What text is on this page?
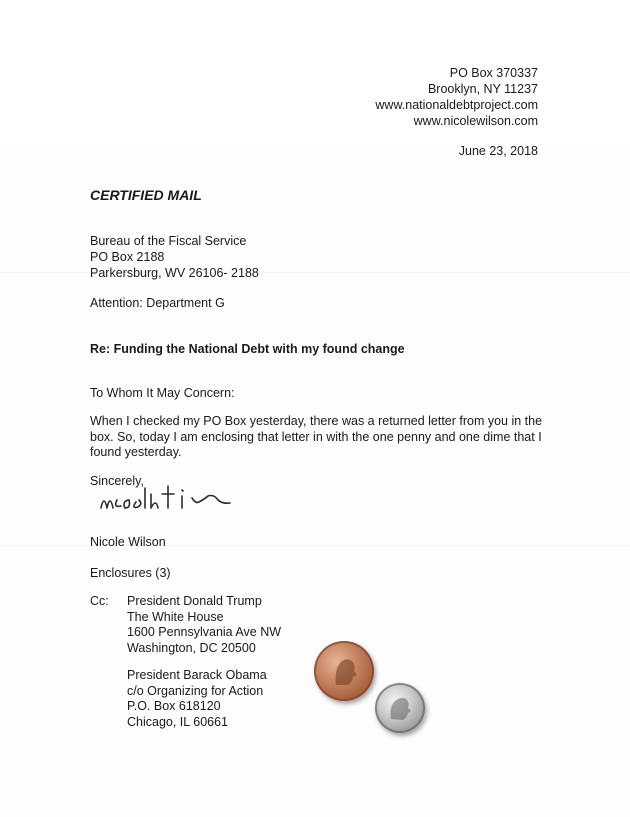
PO Box 370337
Brooklyn, NY 11237
www.nationaldebtproject.com
www.nicolewilson.com
June 23, 2018
CERTIFIED MAIL
Bureau of the Fiscal Service
PO Box 2188
Parkersburg, WV 26106- 2188
Attention: Department G
Re: Funding the National Debt with my found change
To Whom It May Concern:
When I checked my PO Box yesterday, there was a returned letter from you in the box. So, today I am enclosing that letter in with the one penny and one dime that I found yesterday.
Sincerely,
Nicole Wilson
Enclosures (3)
Cc: President Donald Trump
The White House
1600 Pennsylvania Ave NW
Washington, DC 20500
President Barack Obama
c/o Organizing for Action
P.O. Box 618120
Chicago, IL 60661
